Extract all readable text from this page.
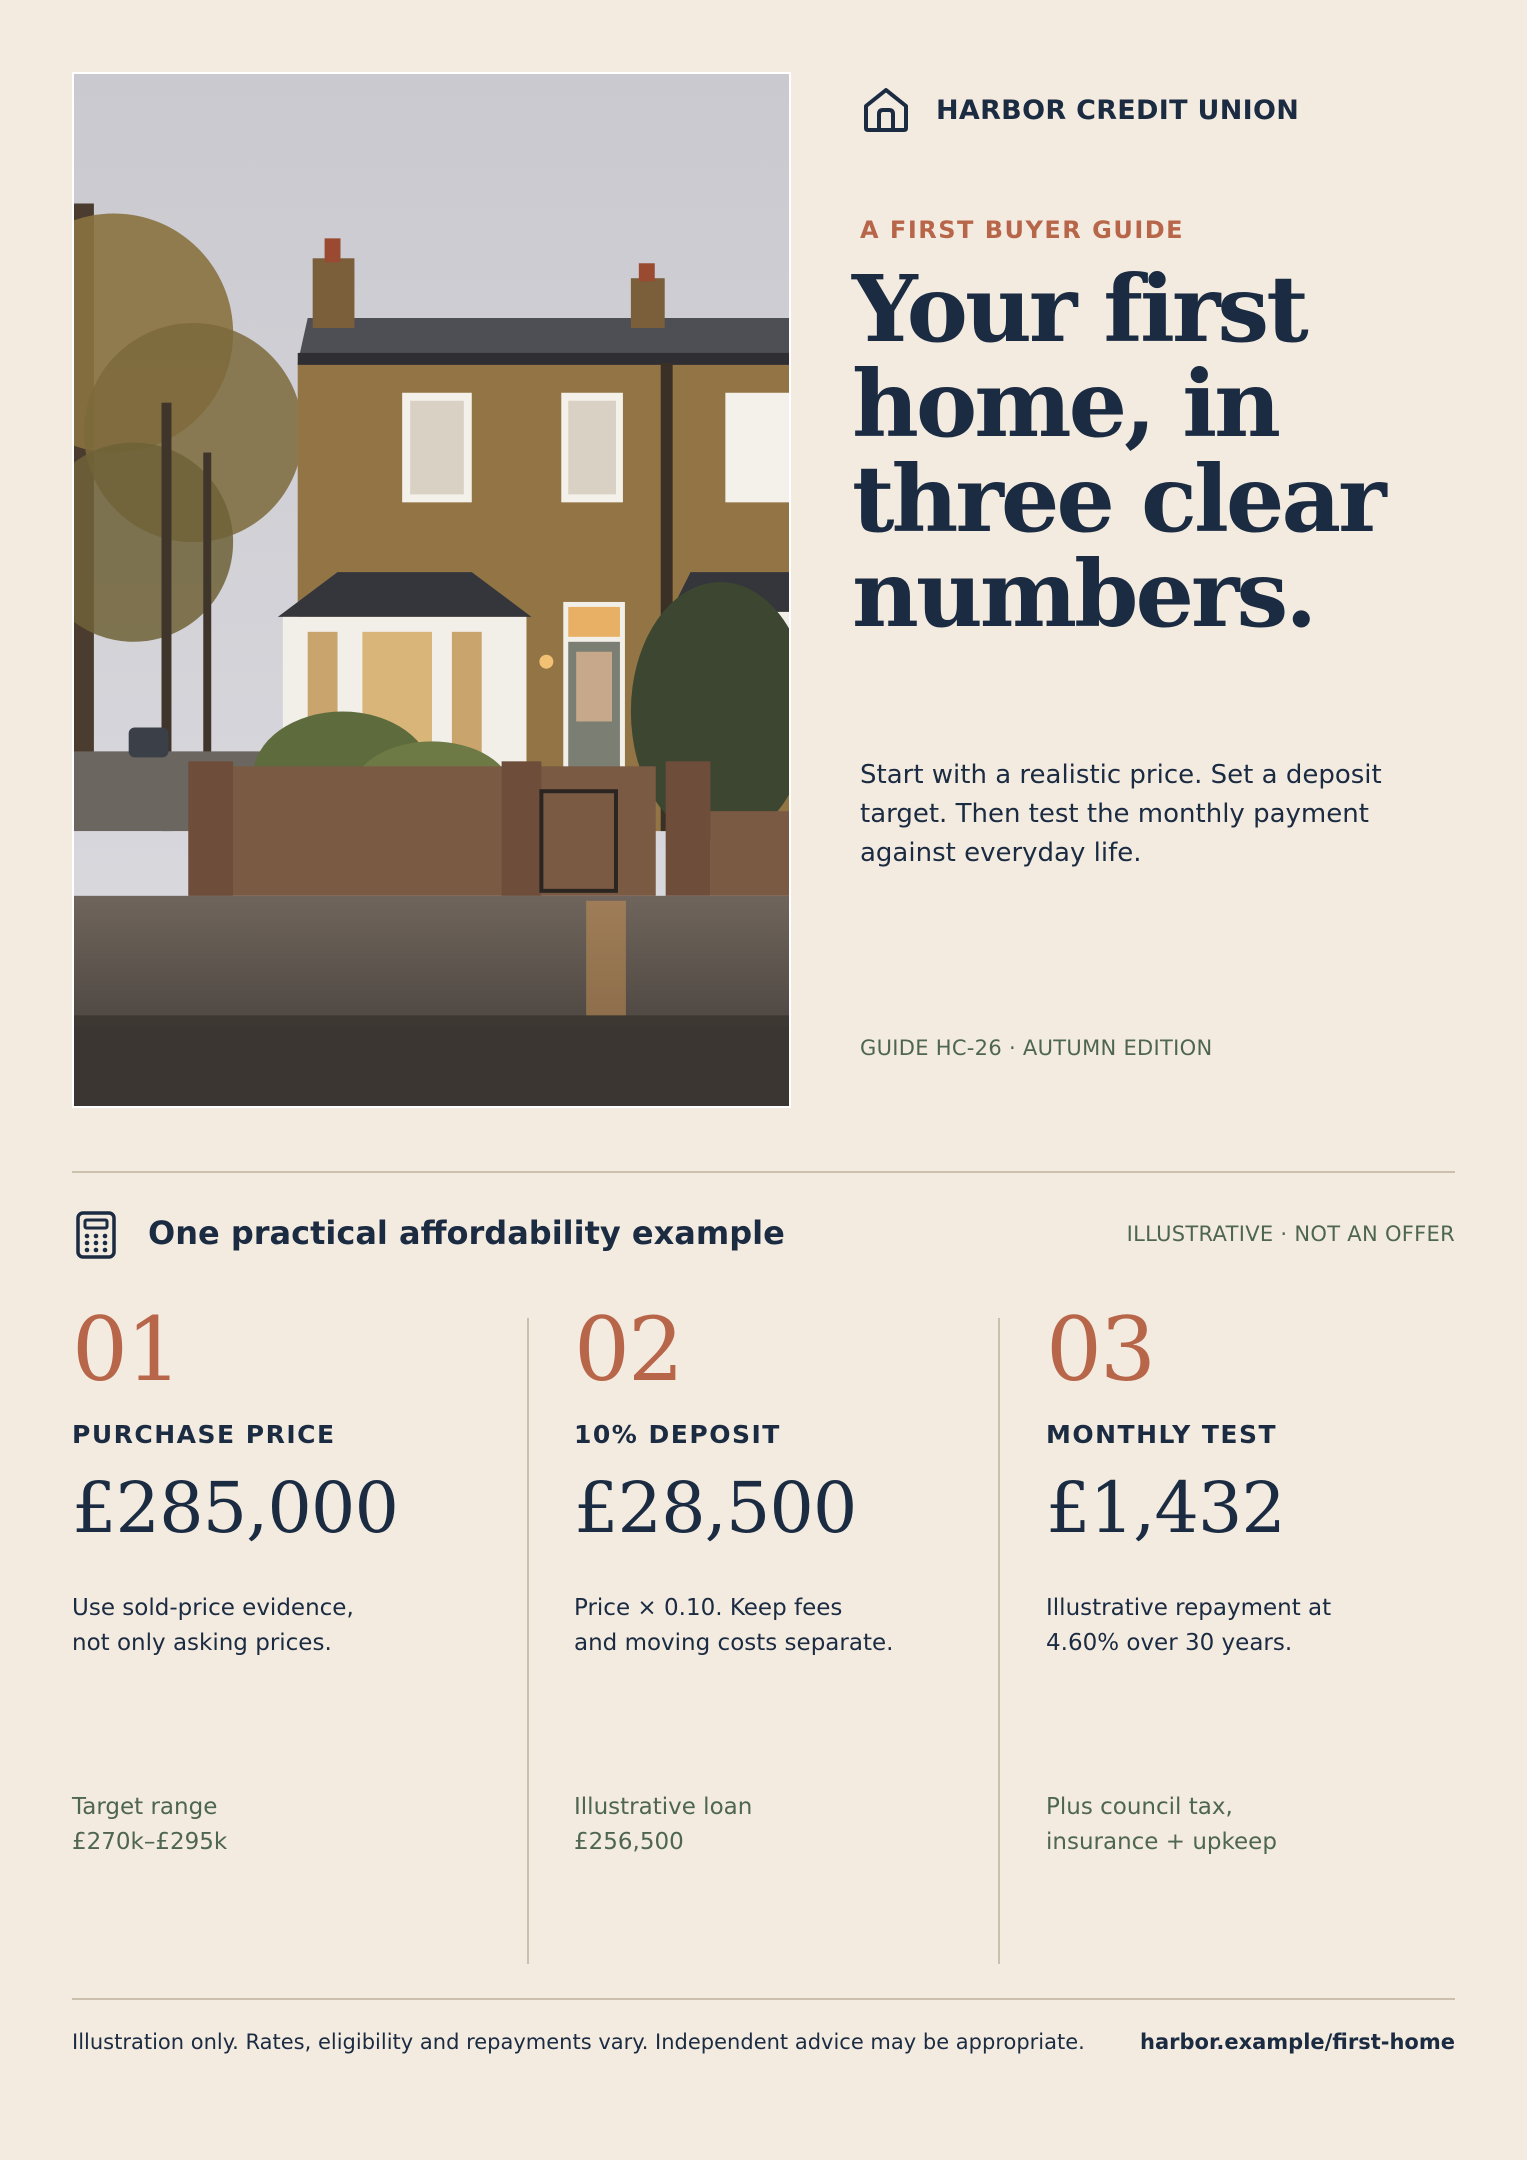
HARBOR CREDIT UNION
A FIRST BUYER GUIDE
Your first
home, in
three clear
numbers.

Start with a realistic price. Set a deposit target. Then test the monthly payment against everyday life.

GUIDE HC-26 · AUTUMN EDITION
One practical affordability example	ILLUSTRATIVE · NOT AN OFFER
01
PURCHASE PRICE
£285,000
Use sold-price evidence,
not only asking prices.
Target range
£270k–£295k
02
10% DEPOSIT
£28,500
Price × 0.10. Keep fees
and moving costs separate.
Illustrative loan
£256,500
03
MONTHLY TEST
£1,432
Illustrative repayment at
4.60% over 30 years.
Plus council tax,
insurance + upkeep
Illustration only. Rates, eligibility and repayments vary. Independent advice may be appropriate.	harbor.example/first-home
